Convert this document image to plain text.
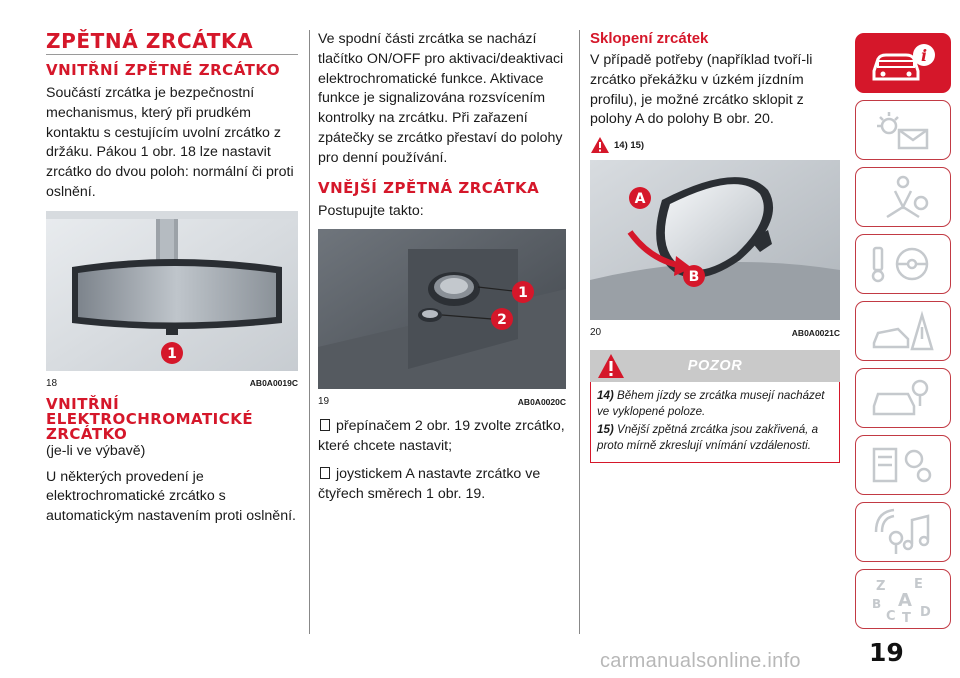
ZPĚTNÁ ZRCÁTKA
VNITŘNÍ ZPĚTNÉ ZRCÁTKO

Součástí zrcátka je bezpečnostní mechanismus, který při prudkém kontaktu s cestujícím uvolní zrcátko z držáku. Pákou 1 obr. 18 lze nastavit zrcátko do dvou poloh: normální či proti oslnění.

1
18	AB0A0019C
VNITŘNÍ ELEKTROCHROMATICKÉ ZRCÁTKO

(je-li ve výbavě)

U některých provedení je elektrochromatické zrcátko s automatickým nastavením proti oslnění.

Ve spodní části zrcátka se nachází tlačítko ON/OFF pro aktivaci/deaktivaci elektrochromatické funkce. Aktivace funkce je signalizována rozsvícením kontrolky na zrcátku. Při zařazení zpátečky se zrcátko přestaví do polohy pro denní používání.

VNĚJŠÍ ZPĚTNÁ ZRCÁTKA

Postupujte takto:

1
2
19	AB0A0020C

přepínačem 2 obr. 19 zvolte zrcátko, které chcete nastavit;

joystickem A nastavte zrcátko ve čtyřech směrech 1 obr. 19.

Sklopení zrcátek

V případě potřeby (například tvoří-li zrcátko překážku v úzkém jízdním profilu), je možné zrcátko sklopit z polohy A do polohy B obr. 20.

14) 15)
A
B
20	AB0A0021C
POZOR

14) Během jízdy se zrcátka musejí nacházet ve vyklopené poloze.

15) Vnější zpětná zrcátka jsou zakřivená, a proto mírně zkreslují vnímání vzdálenosti.

i
Z E
B A
C T D
19
carmanualsonline.info
